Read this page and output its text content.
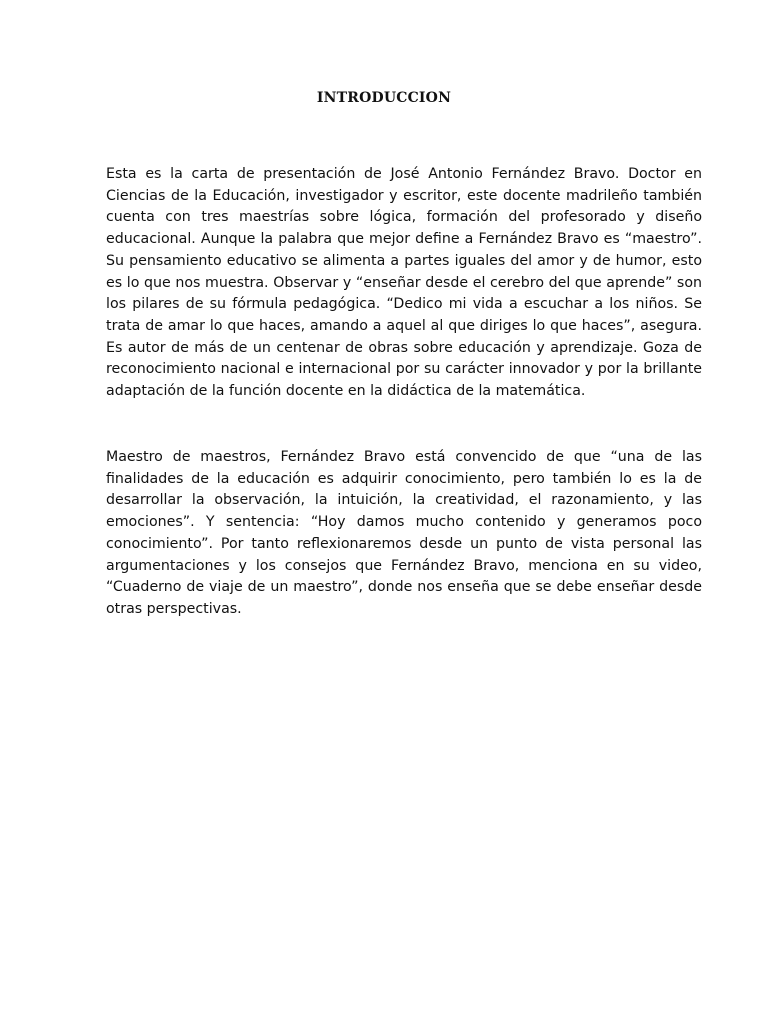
INTRODUCCION

Esta es la carta de presentación de José Antonio Fernández Bravo. Doctor en Ciencias de la Educación, investigador y escritor, este docente madrileño también cuenta con tres maestrías sobre lógica, formación del profesorado y diseño educacional. Aunque la palabra que mejor define a Fernández Bravo es “maestro”. Su pensamiento educativo se alimenta a partes iguales del amor y de humor, esto es lo que nos muestra. Observar y “enseñar desde el cerebro del que aprende” son los pilares de su fórmula pedagógica. “Dedico mi vida a escuchar a los niños. Se trata de amar lo que haces, amando a aquel al que diriges lo que haces”, asegura. Es autor de más de un centenar de obras sobre educación y aprendizaje. Goza de reconocimiento nacional e internacional por su carácter innovador y por la brillante adaptación de la función docente en la didáctica de la matemática.

Maestro de maestros, Fernández Bravo está convencido de que “una de las finalidades de la educación es adquirir conocimiento, pero también lo es la de desarrollar la observación, la intuición, la creatividad, el razonamiento, y las emociones”. Y sentencia: “Hoy damos mucho contenido y generamos poco conocimiento”. Por tanto reflexionaremos desde un punto de vista personal las argumentaciones y los consejos que Fernández Bravo, menciona en su video, “Cuaderno de viaje de un maestro”, donde nos enseña que se debe enseñar desde otras perspectivas.
